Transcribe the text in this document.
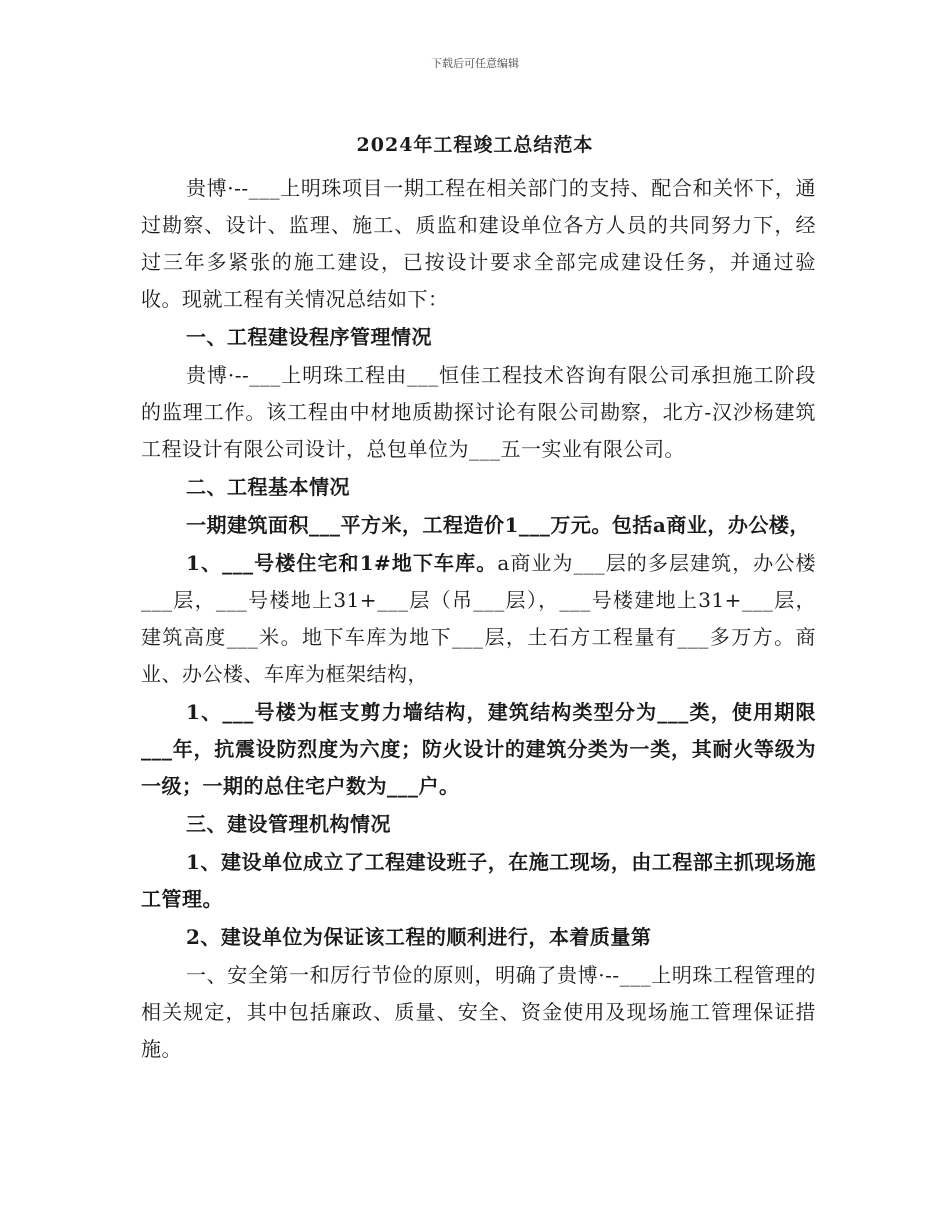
下载后可任意编辑
2024年工程竣工总结范本

贵博·--___上明珠项目一期工程在相关部门的支持、配合和关怀下，通过勘察、设计、监理、施工、质监和建设单位各方人员的共同努力下，经过三年多紧张的施工建设，已按设计要求全部完成建设任务，并通过验收。现就工程有关情况总结如下：

一、工程建设程序管理情况

贵博·--___上明珠工程由___恒佳工程技术咨询有限公司承担施工阶段的监理工作。该工程由中材地质勘探讨论有限公司勘察，北方-汉沙杨建筑工程设计有限公司设计，总包单位为___五一实业有限公司。

二、工程基本情况

一期建筑面积___平方米，工程造价1___万元。包括a商业，办公楼，

1、___号楼住宅和1#地下车库。a商业为___层的多层建筑，办公楼___层，___号楼地上31+___层（吊___层），___号楼建地上31+___层，建筑高度___米。地下车库为地下___层，土石方工程量有___多万方。商业、办公楼、车库为框架结构，

1、___号楼为框支剪力墙结构，建筑结构类型分为___类，使用期限___年，抗震设防烈度为六度；防火设计的建筑分类为一类，其耐火等级为一级；一期的总住宅户数为___户。

三、建设管理机构情况

1、建设单位成立了工程建设班子，在施工现场，由工程部主抓现场施工管理。

2、建设单位为保证该工程的顺利进行，本着质量第

一、安全第一和厉行节俭的原则，明确了贵博·--___上明珠工程管理的相关规定，其中包括廉政、质量、安全、资金使用及现场施工管理保证措施。
